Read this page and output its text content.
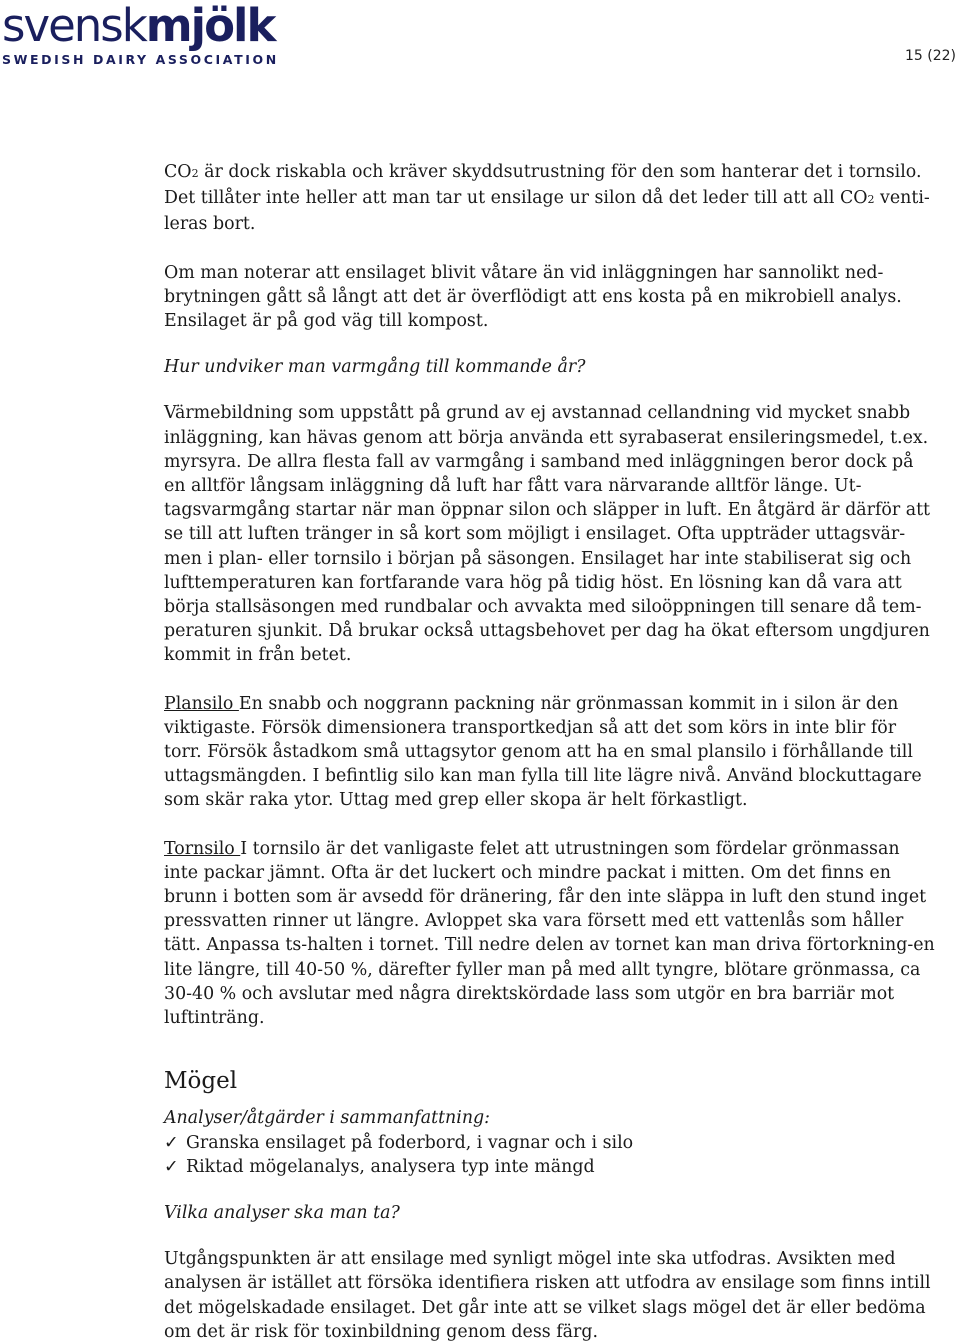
svenskmjölk
SWEDISH DAIRY ASSOCIATION	15 (22)

CO2 är dock riskabla och kräver skyddsutrustning för den som hanterar det i tornsilo. Det tillåter inte heller att man tar ut ensilage ur silon då det leder till att all CO2 venti-leras bort.

Om man noterar att ensilaget blivit våtare än vid inläggningen har sannolikt ned-brytningen gått så långt att det är överflödigt att ens kosta på en mikrobiell analys. Ensilaget är på god väg till kompost.

Hur undviker man varmgång till kommande år?

Värmebildning som uppstått på grund av ej avstannad cellandning vid mycket snabb inläggning, kan hävas genom att börja använda ett syrabaserat ensileringsmedel, t.ex. myrsyra. De allra flesta fall av varmgång i samband med inläggningen beror dock på en alltför långsam inläggning då luft har fått vara närvarande alltför länge. Ut-tagsvarmgång startar när man öppnar silon och släpper in luft. En åtgärd är därför att se till att luften tränger in så kort som möjligt i ensilaget. Ofta uppträder uttagsvär-men i plan- eller tornsilo i början på säsongen. Ensilaget har inte stabiliserat sig och lufttemperaturen kan fortfarande vara hög på tidig höst. En lösning kan då vara att börja stallsäsongen med rundbalar och avvakta med siloöppningen till senare då tem-peraturen sjunkit. Då brukar också uttagsbehovet per dag ha ökat eftersom ungdjuren kommit in från betet.

Plansilo En snabb och noggrann packning när grönmassan kommit in i silon är den viktigaste. Försök dimensionera transportkedjan så att det som körs in inte blir för torr. Försök åstadkom små uttagsytor genom att ha en smal plansilo i förhållande till uttagsmängden. I befintlig silo kan man fylla till lite lägre nivå. Använd blockuttagare som skär raka ytor. Uttag med grep eller skopa är helt förkastligt.

Tornsilo I tornsilo är det vanligaste felet att utrustningen som fördelar grönmassan inte packar jämnt. Ofta är det luckert och mindre packat i mitten. Om det finns en brunn i botten som är avsedd för dränering, får den inte släppa in luft den stund inget pressvatten rinner ut längre. Avloppet ska vara försett med ett vattenlås som håller tätt. Anpassa ts-halten i tornet. Till nedre delen av tornet kan man driva förtorkning-en lite längre, till 40-50 %, därefter fyller man på med allt tyngre, blötare grönmassa, ca 30-40 % och avslutar med några direktskördade lass som utgör en bra barriär mot luftinträng.

Mögel

Analyser/åtgärder i sammanfattning:

✓ Granska ensilaget på foderbord, i vagnar och i silo
✓ Riktad mögelanalys, analysera typ inte mängd

Vilka analyser ska man ta?

Utgångspunkten är att ensilage med synligt mögel inte ska utfodras. Avsikten med analysen är istället att försöka identifiera risken att utfodra av ensilage som finns intill det mögelskadade ensilaget. Det går inte att se vilket slags mögel det är eller bedöma om det är risk för toxinbildning genom dess färg.
